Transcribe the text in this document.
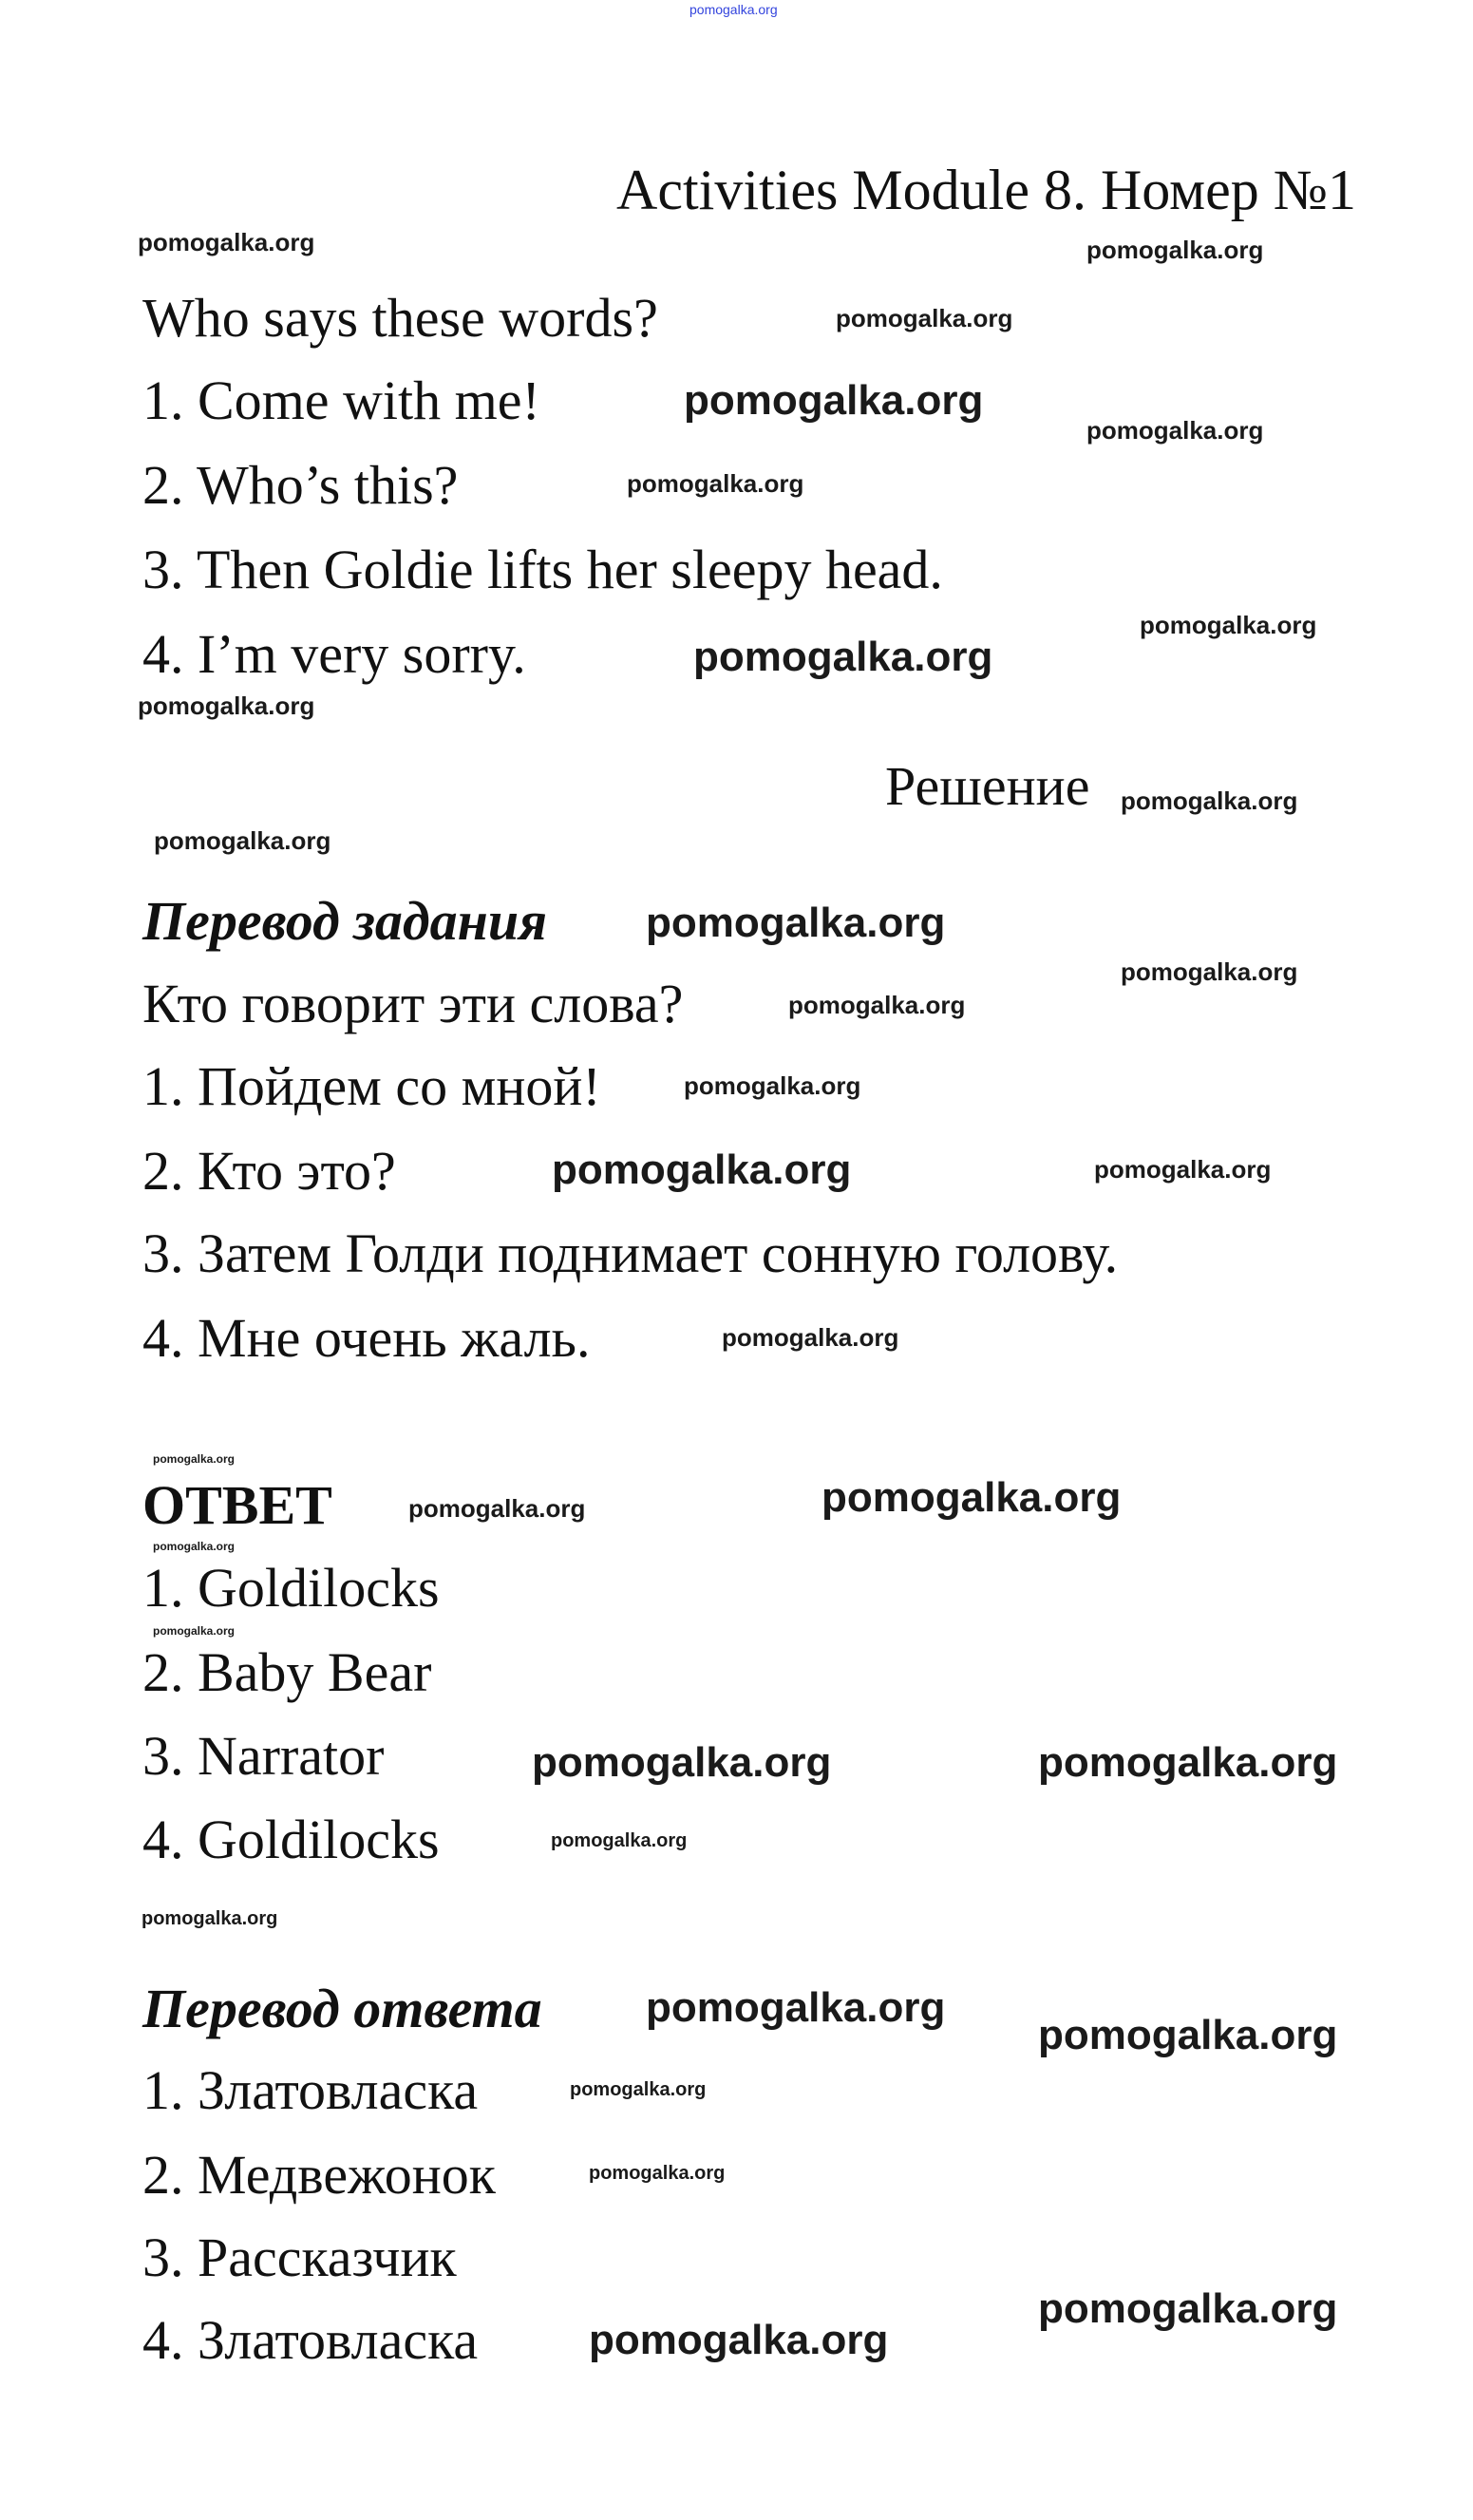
pomogalka.org
Activities Module 8. Номер №1
Who says these words?
1. Come with me!
2. Who’s this?
3. Then Goldie lifts her sleepy head.
4. I’m very sorry.
Решение
Перевод задания
Кто говорит эти слова?
1. Пойдем со мной!
2. Кто это?
3. Затем Голди поднимает сонную голову.
4. Мне очень жаль.
ОТВЕТ
1. Goldilocks
2. Baby Bear
3. Narrator
4. Goldilocks
Перевод ответа
1. Златовласка
2. Медвежонок
3. Рассказчик
4. Златовласка
pomogalka.org	pomogalka.org
pomogalka.org
pomogalka.org
pomogalka.org
pomogalka.org
pomogalka.org
pomogalka.org
pomogalka.org
pomogalka.org
pomogalka.org
pomogalka.org
pomogalka.org
pomogalka.org
pomogalka.org
pomogalka.org	pomogalka.org
pomogalka.org
pomogalka.org
pomogalka.org	pomogalka.org
pomogalka.org
pomogalka.org
pomogalka.org	pomogalka.org
pomogalka.org
pomogalka.org
pomogalka.org
pomogalka.org
pomogalka.org
pomogalka.org
pomogalka.org
pomogalka.org
